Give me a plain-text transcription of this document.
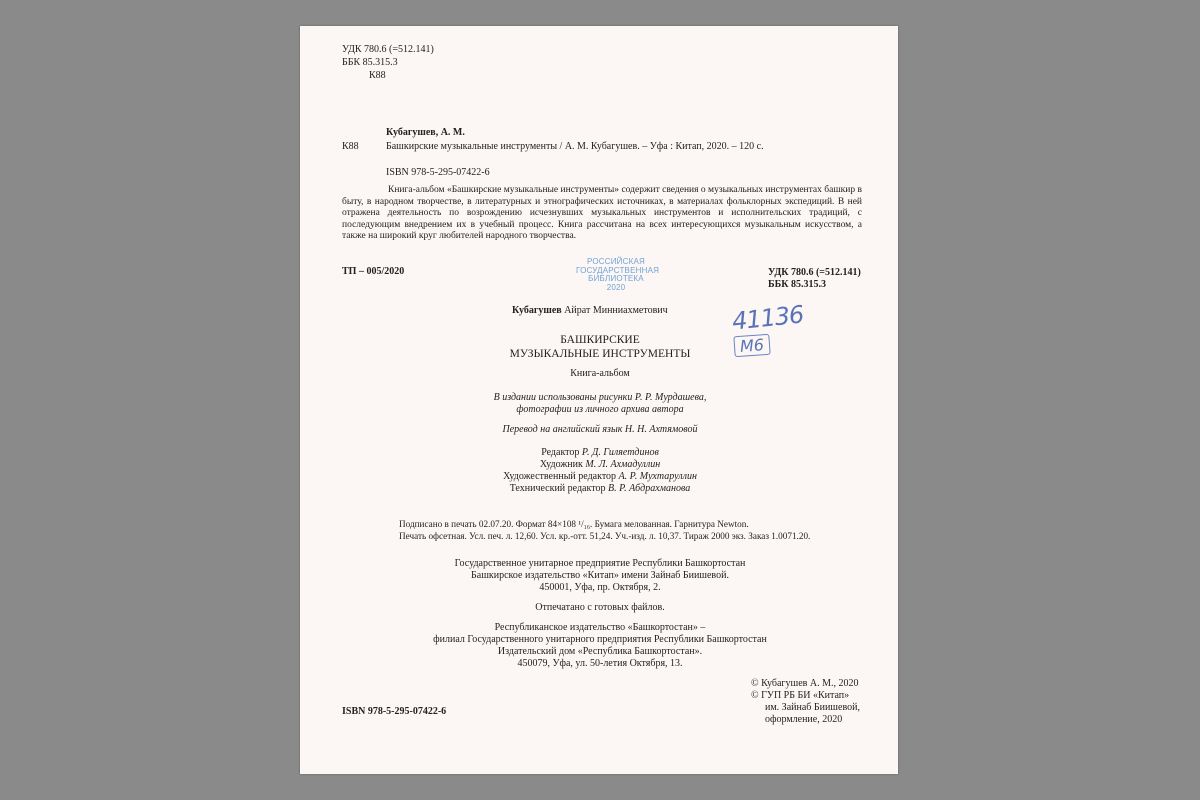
УДК 780.6 (=512.141)
ББК 85.315.3
К88
Кубагушев, А. М.
К88	Башкирские музыкальные инструменты / А. М. Кубагушев. – Уфа : Китап, 2020. – 120 с.
ISBN 978-5-295-07422-6
Книга-альбом «Башкирские музыкальные инструменты» содержит сведения о музыкальных инструментах башкир в быту, в народном творчестве, в литературных и этнографических источниках, в материалах фольклорных экспедиций. В ней отражена деятельность по возрождению исчезнувших музыкальных инструментов и исполнительских традиций, с последующим внедрением их в учебный процесс. Книга рассчитана на всех интересующихся музыкальным искусством, а также на широкий круг любителей народного творчества.
ТП – 005/2020
РОССИЙСКАЯ
ГОСУДАРСТВЕННАЯ
БИБЛИОТЕКА
2020
УДК 780.6 (=512.141)
ББК 85.315.3
41136
M6
Кубагушев Айрат Минниахметович
БАШКИРСКИЕ
МУЗЫКАЛЬНЫЕ ИНСТРУМЕНТЫ
Книга-альбом
В издании использованы рисунки Р. Р. Мурдашева,
фотографии из личного архива автора
Перевод на английский язык Н. Н. Ахтямовой
Редактор Р. Д. Гиляетдинов
Художник М. Л. Ахмадуллин
Художественный редактор А. Р. Мухтаруллин
Технический редактор В. Р. Абдрахманова
Подписано в печать 02.07.20. Формат 84×108 ¹/₁₆. Бумага мелованная. Гарнитура Newton.
Печать офсетная. Усл. печ. л. 12,60. Усл. кр.-отт. 51,24. Уч.-изд. л. 10,37. Тираж 2000 экз. Заказ 1.0071.20.
Государственное унитарное предприятие Республики Башкортостан
Башкирское издательство «Китап» имени Зайнаб Биишевой.
450001, Уфа, пр. Октября, 2.
Отпечатано с готовых файлов.
Республиканское издательство «Башкортостан» –
филиал Государственного унитарного предприятия Республики Башкортостан
Издательский дом «Республика Башкортостан».
450079, Уфа, ул. 50-летия Октября, 13.
© Кубагушев А. М., 2020
© ГУП РБ БИ «Китап»
им. Зайнаб Биишевой,
оформление, 2020
ISBN 978-5-295-07422-6
